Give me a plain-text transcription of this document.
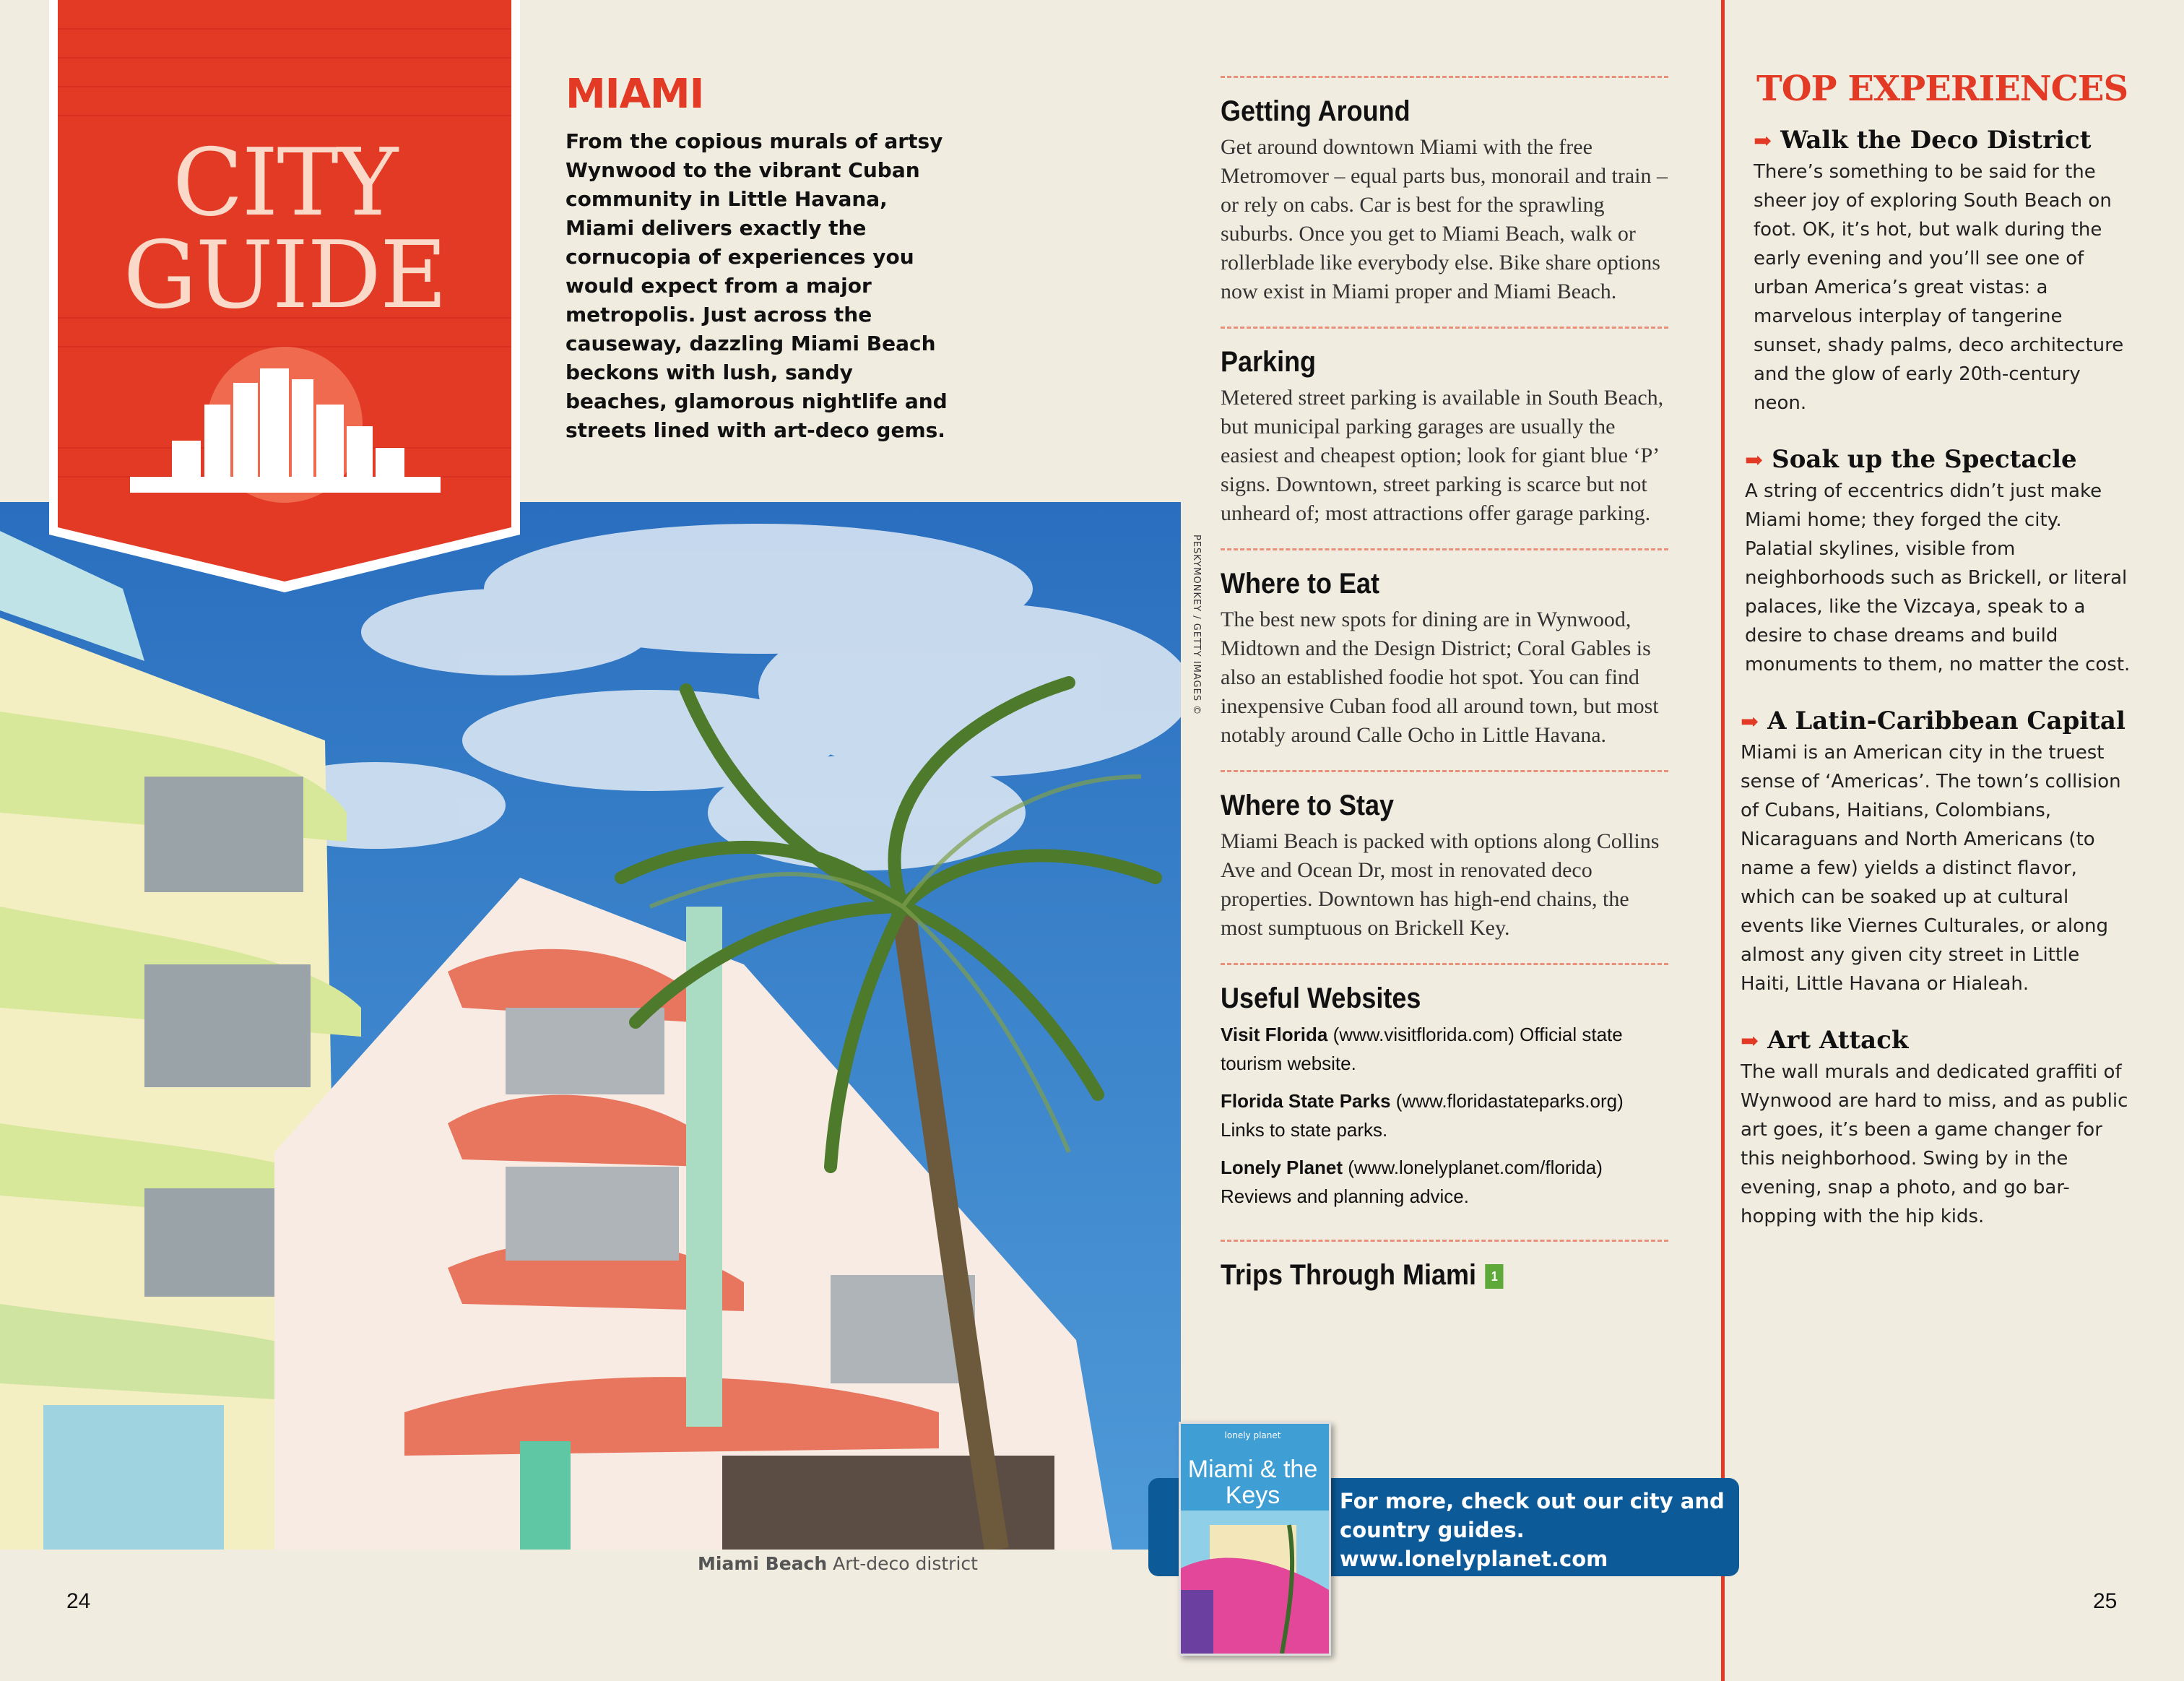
PESKYMONKEY / GETTY IMAGES ©
CITY
GUIDE
MIAMI
From the copious murals of artsy Wynwood to the vibrant Cuban community in Little Havana, Miami delivers exactly the cornucopia of experiences you would expect from a major metropolis. Just across the causeway, dazzling Miami Beach beckons with lush, sandy beaches, glamorous nightlife and streets lined with art-deco gems.
Miami Beach Art-deco district
24

Getting Around

Get around downtown Miami with the free Metromover – equal parts bus, monorail and train – or rely on cabs. Car is best for the sprawling suburbs. Once you get to Miami Beach, walk or rollerblade like everybody else. Bike share options now exist in Miami proper and Miami Beach.

Parking

Metered street parking is available in South Beach, but municipal parking garages are usually the easiest and cheapest option; look for giant blue ‘P’ signs. Downtown, street parking is scarce but not unheard of; most attractions offer garage parking.

Where to Eat

The best new spots for dining are in Wynwood, Midtown and the Design District; Coral Gables is also an established foodie hot spot. You can find inexpensive Cuban food all around town, but most notably around Calle Ocho in Little Havana.

Where to Stay

Miami Beach is packed with options along Collins Ave and Ocean Dr, most in renovated deco properties. Downtown has high-end chains, the most sumptuous on Brickell Key.

Useful Websites

Visit Florida (www.visitflorida.com) Official state tourism website.

Florida State Parks (www.floridastateparks.org) Links to state parks.

Lonely Planet (www.lonelyplanet.com/florida) Reviews and planning advice.

Trips Through Miami 1

TOP EXPERIENCES

➡ Walk the Deco District

There’s something to be said for the sheer joy of exploring South Beach on foot. OK, it’s hot, but walk during the early evening and you’ll see one of urban America’s great vistas: a marvelous interplay of tangerine sunset, shady palms, deco architecture and the glow of early 20th-century neon.

➡ Soak up the Spectacle

A string of eccentrics didn’t just make Miami home; they forged the city. Palatial skylines, visible from neighborhoods such as Brickell, or literal palaces, like the Vizcaya, speak to a desire to chase dreams and build monuments to them, no matter the cost.

➡ A Latin-Caribbean Capital

Miami is an American city in the truest sense of ‘Americas’. The town’s collision of Cubans, Haitians, Colombians, Nicaraguans and North Americans (to name a few) yields a distinct flavor, which can be soaked up at cultural events like Viernes Culturales, or along almost any given city street in Little Haiti, Little Havana or Hialeah.

➡ Art Attack

The wall murals and dedicated graffiti of Wynwood are hard to miss, and as public art goes, it’s been a game changer for this neighborhood. Swing by in the evening, snap a photo, and go bar-hopping with the hip kids.

25
For more, check out our city and country guides. www.lonelyplanet.com
lonely planet
Miami & the Keys
